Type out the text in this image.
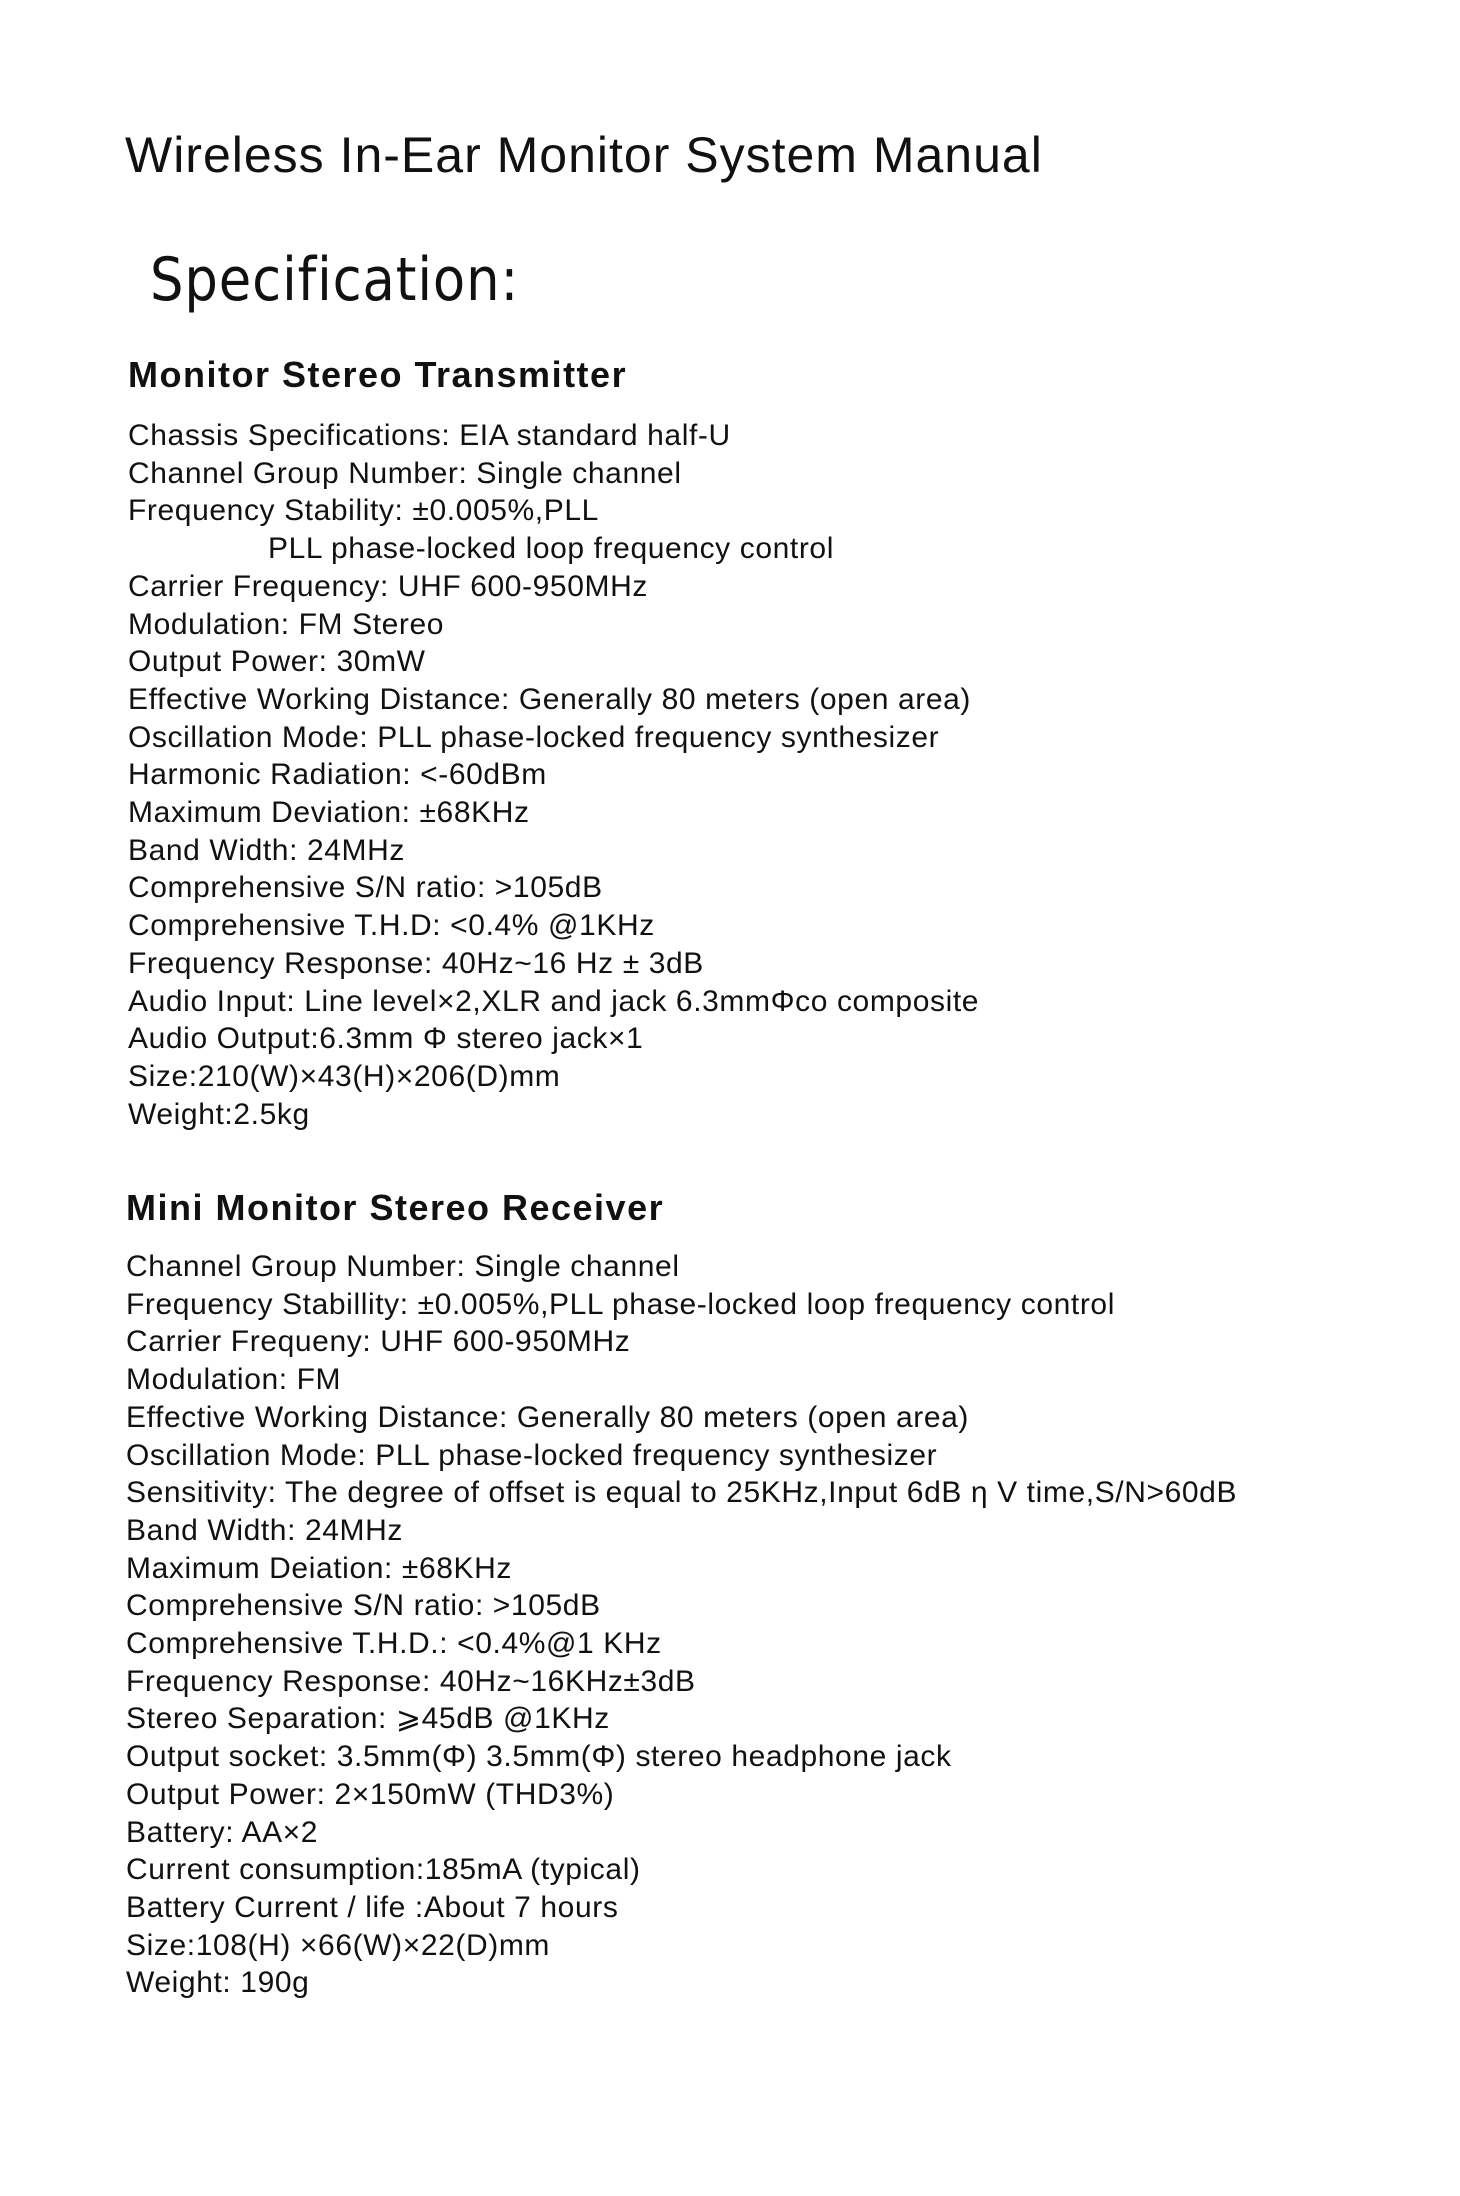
Wireless In-Ear Monitor System Manual
Specification:
Monitor Stereo Transmitter
Chassis Specifications: EIA standard half-U
Channel Group Number: Single channel
Frequency Stability: ±0.005%,PLL
PLL phase-locked loop frequency control
Carrier Frequency: UHF 600-950MHz
Modulation: FM Stereo
Output Power: 30mW
Effective Working Distance: Generally 80 meters (open area)
Oscillation Mode: PLL phase-locked frequency synthesizer
Harmonic Radiation: <-60dBm
Maximum Deviation: ±68KHz
Band Width: 24MHz
Comprehensive S/N ratio: >105dB
Comprehensive T.H.D: <0.4% @1KHz
Frequency Response: 40Hz~16 Hz ± 3dB
Audio Input: Line level×2,XLR and jack 6.3mmΦco composite
Audio Output:6.3mm Φ stereo jack×1
Size:210(W)×43(H)×206(D)mm
Weight:2.5kg
Mini Monitor Stereo Receiver
Channel Group Number: Single channel
Frequency Stabillity: ±0.005%,PLL phase-locked loop frequency control
Carrier Frequeny: UHF 600-950MHz
Modulation: FM
Effective Working Distance: Generally 80 meters (open area)
Oscillation Mode: PLL phase-locked frequency synthesizer
Sensitivity: The degree of offset is equal to 25KHz,Input 6dB η V time,S/N>60dB
Band Width: 24MHz
Maximum Deiation: ±68KHz
Comprehensive S/N ratio: >105dB
Comprehensive T.H.D.: <0.4%@1 KHz
Frequency Response: 40Hz~16KHz±3dB
Stereo Separation: ⩾45dB @1KHz
Output socket: 3.5mm(Φ) 3.5mm(Φ) stereo headphone jack
Output Power: 2×150mW (THD3%)
Battery: AA×2
Current consumption:185mA (typical)
Battery Current / life :About 7 hours
Size:108(H) ×66(W)×22(D)mm
Weight: 190g
